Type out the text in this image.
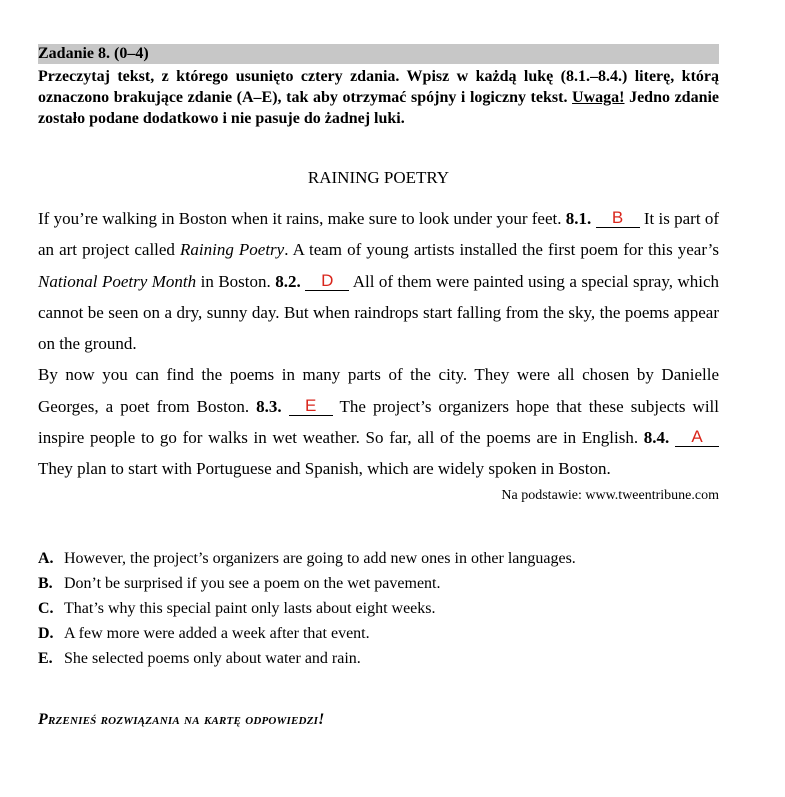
Zadanie 8. (0–4)
Przeczytaj tekst, z którego usunięto cztery zdania. Wpisz w każdą lukę (8.1.–8.4.) literę, którą oznaczono brakujące zdanie (A–E), tak aby otrzymać spójny i logiczny tekst. Uwaga! Jedno zdanie zostało podane dodatkowo i nie pasuje do żadnej luki.
RAINING POETRY

If you’re walking in Boston when it rains, make sure to look under your feet. 8.1. B It is part of an art project called Raining Poetry. A team of young artists installed the first poem for this year’s National Poetry Month in Boston. 8.2. D All of them were painted using a special spray, which cannot be seen on a dry, sunny day. But when raindrops start falling from the sky, the poems appear on the ground.

By now you can find the poems in many parts of the city. They were all chosen by Danielle Georges, a poet from Boston. 8.3. E The project’s organizers hope that these subjects will inspire people to go for walks in wet weather. So far, all of the poems are in English. 8.4. A They plan to start with Portuguese and Spanish, which are widely spoken in Boston.

Na podstawie: www.tweentribune.com
A. However, the project’s organizers are going to add new ones in other languages.
B. Don’t be surprised if you see a poem on the wet pavement.
C. That’s why this special paint only lasts about eight weeks.
D. A few more were added a week after that event.
E. She selected poems only about water and rain.
Przenieś rozwiązania na kartę odpowiedzi!
